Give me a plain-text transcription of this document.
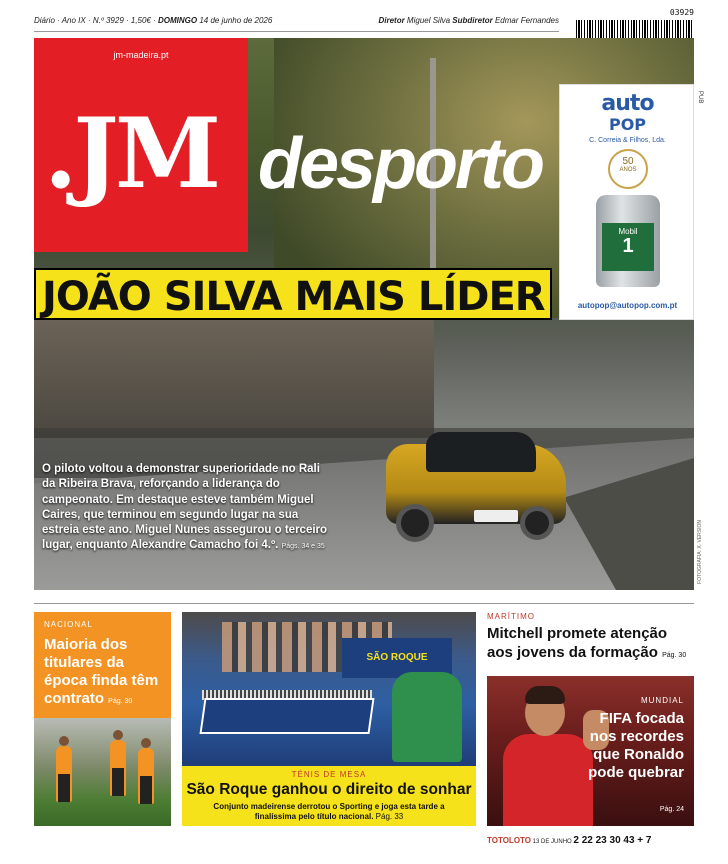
Diário · Ano IX · N.º 3929 · 1,50€ · DOMINGO 14 de junho de 2026	Diretor Miguel Silva Subdiretor Edmar Fernandes
03929
jm-madeira.pt
.JM desporto
JOÃO SILVA MAIS LÍDER
PUB
auto
POP
C. Correia & Filhos, Lda.
50
ANOS
Mobil
1
autopop@autopop.com.pt
O piloto voltou a demonstrar superioridade no Rali da Ribeira Brava, reforçando a liderança do campeonato. Em destaque esteve também Miguel Caires, que terminou em segundo lugar na sua estreia este ano. Miguel Nunes assegurou o terceiro lugar, enquanto Alexandre Camacho foi 4.º. Págs. 34 e 35	FOTOGRAFIA: X. VERSION
NACIONAL
Maioria dos titulares da época finda têm contrato Pág. 30
SÃO ROQUE
TÉNIS DE MESA
São Roque ganhou o direito de sonhar
Conjunto madeirense derrotou o Sporting e joga esta tarde a finalíssima pelo título nacional. Pág. 33
MARÍTIMO
Mitchell promete atenção aos jovens da formação Pág. 30
MUNDIAL
FIFA focada nos recordes que Ronaldo pode quebrar
Pág. 24
TOTOLOTO 13 DE JUNHO 2 22 23 30 43 + 7
